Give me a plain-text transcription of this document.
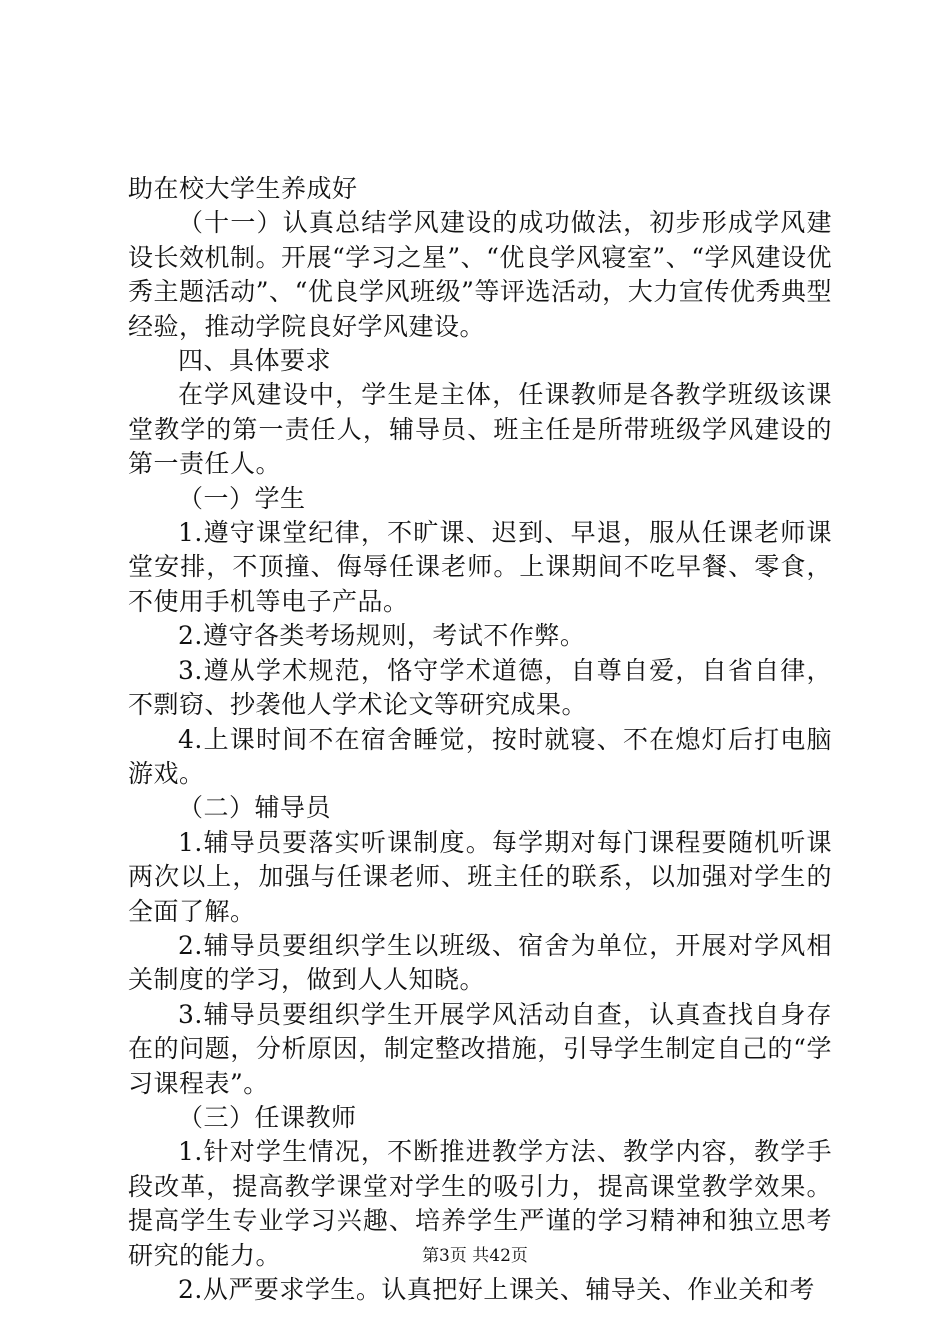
助在校大学生养成好

（十一）认真总结学风建设的成功做法，初步形成学风建设长效机制。开展“学习之星”、“优良学风寝室”、“学风建设优秀主题活动”、“优良学风班级”等评选活动，大力宣传优秀典型经验，推动学院良好学风建设。

四、具体要求

在学风建设中，学生是主体，任课教师是各教学班级该课堂教学的第一责任人，辅导员、班主任是所带班级学风建设的第一责任人。

（一）学生

1.遵守课堂纪律，不旷课、迟到、早退，服从任课老师课堂安排，不顶撞、侮辱任课老师。上课期间不吃早餐、零食，不使用手机等电子产品。

2.遵守各类考场规则，考试不作弊。

3.遵从学术规范，恪守学术道德，自尊自爱，自省自律，不剽窃、抄袭他人学术论文等研究成果。

4.上课时间不在宿舍睡觉，按时就寝、不在熄灯后打电脑游戏。

（二）辅导员

1.辅导员要落实听课制度。每学期对每门课程要随机听课两次以上，加强与任课老师、班主任的联系，以加强对学生的全面了解。

2.辅导员要组织学生以班级、宿舍为单位，开展对学风相关制度的学习，做到人人知晓。

3.辅导员要组织学生开展学风活动自查，认真查找自身存在的问题，分析原因，制定整改措施，引导学生制定自己的“学习课程表”。

（三）任课教师

1.针对学生情况，不断推进教学方法、教学内容，教学手段改革，提高教学课堂对学生的吸引力，提高课堂教学效果。提高学生专业学习兴趣、培养学生严谨的学习精神和独立思考研究的能力。

2.从严要求学生。认真把好上课关、辅导关、作业关和考

第3页 共42页
